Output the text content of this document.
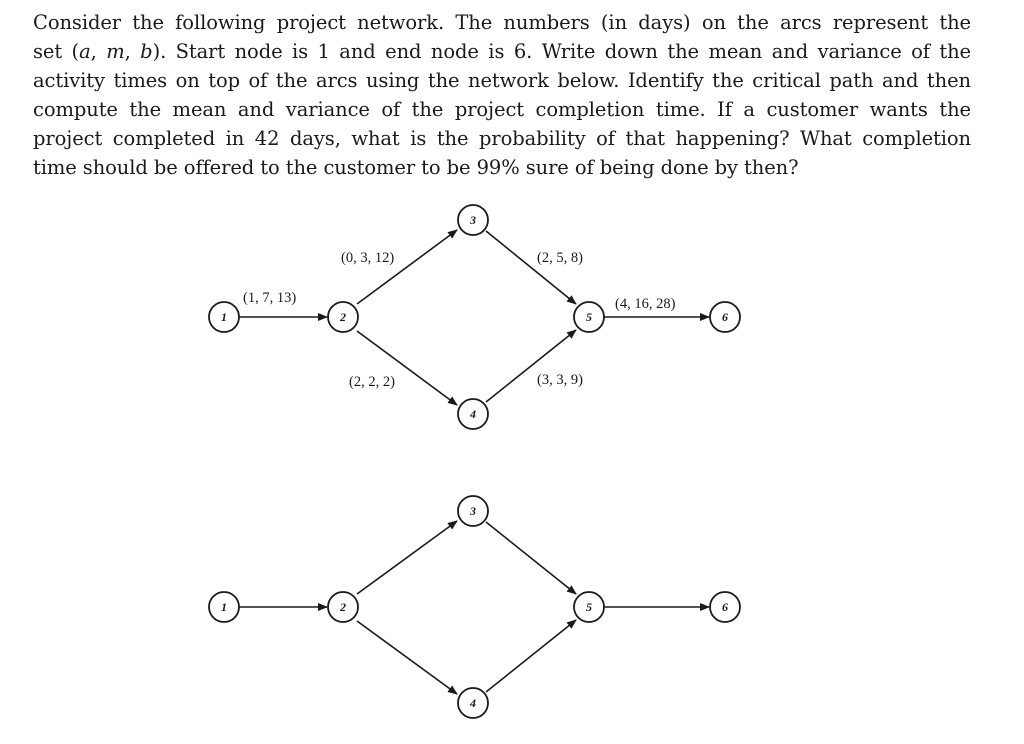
Consider the following project network. The numbers (in days) on the arcs represent the
set (a, m, b). Start node is 1 and end node is 6. Write down the mean and variance of the
activity times on top of the arcs using the network below. Identify the critical path and then
compute the mean and variance of the project completion time. If a customer wants the
project completed in 42 days, what is the probability of that happening? What completion
time should be offered to the customer to be 99% sure of being done by then?
(1, 7, 13)
(0, 3, 12)
(2, 2, 2)
(2, 5, 8)
(3, 3, 9)
(4, 16, 28)
1	2
3
4
5	6
1	2
3
4
5	6
